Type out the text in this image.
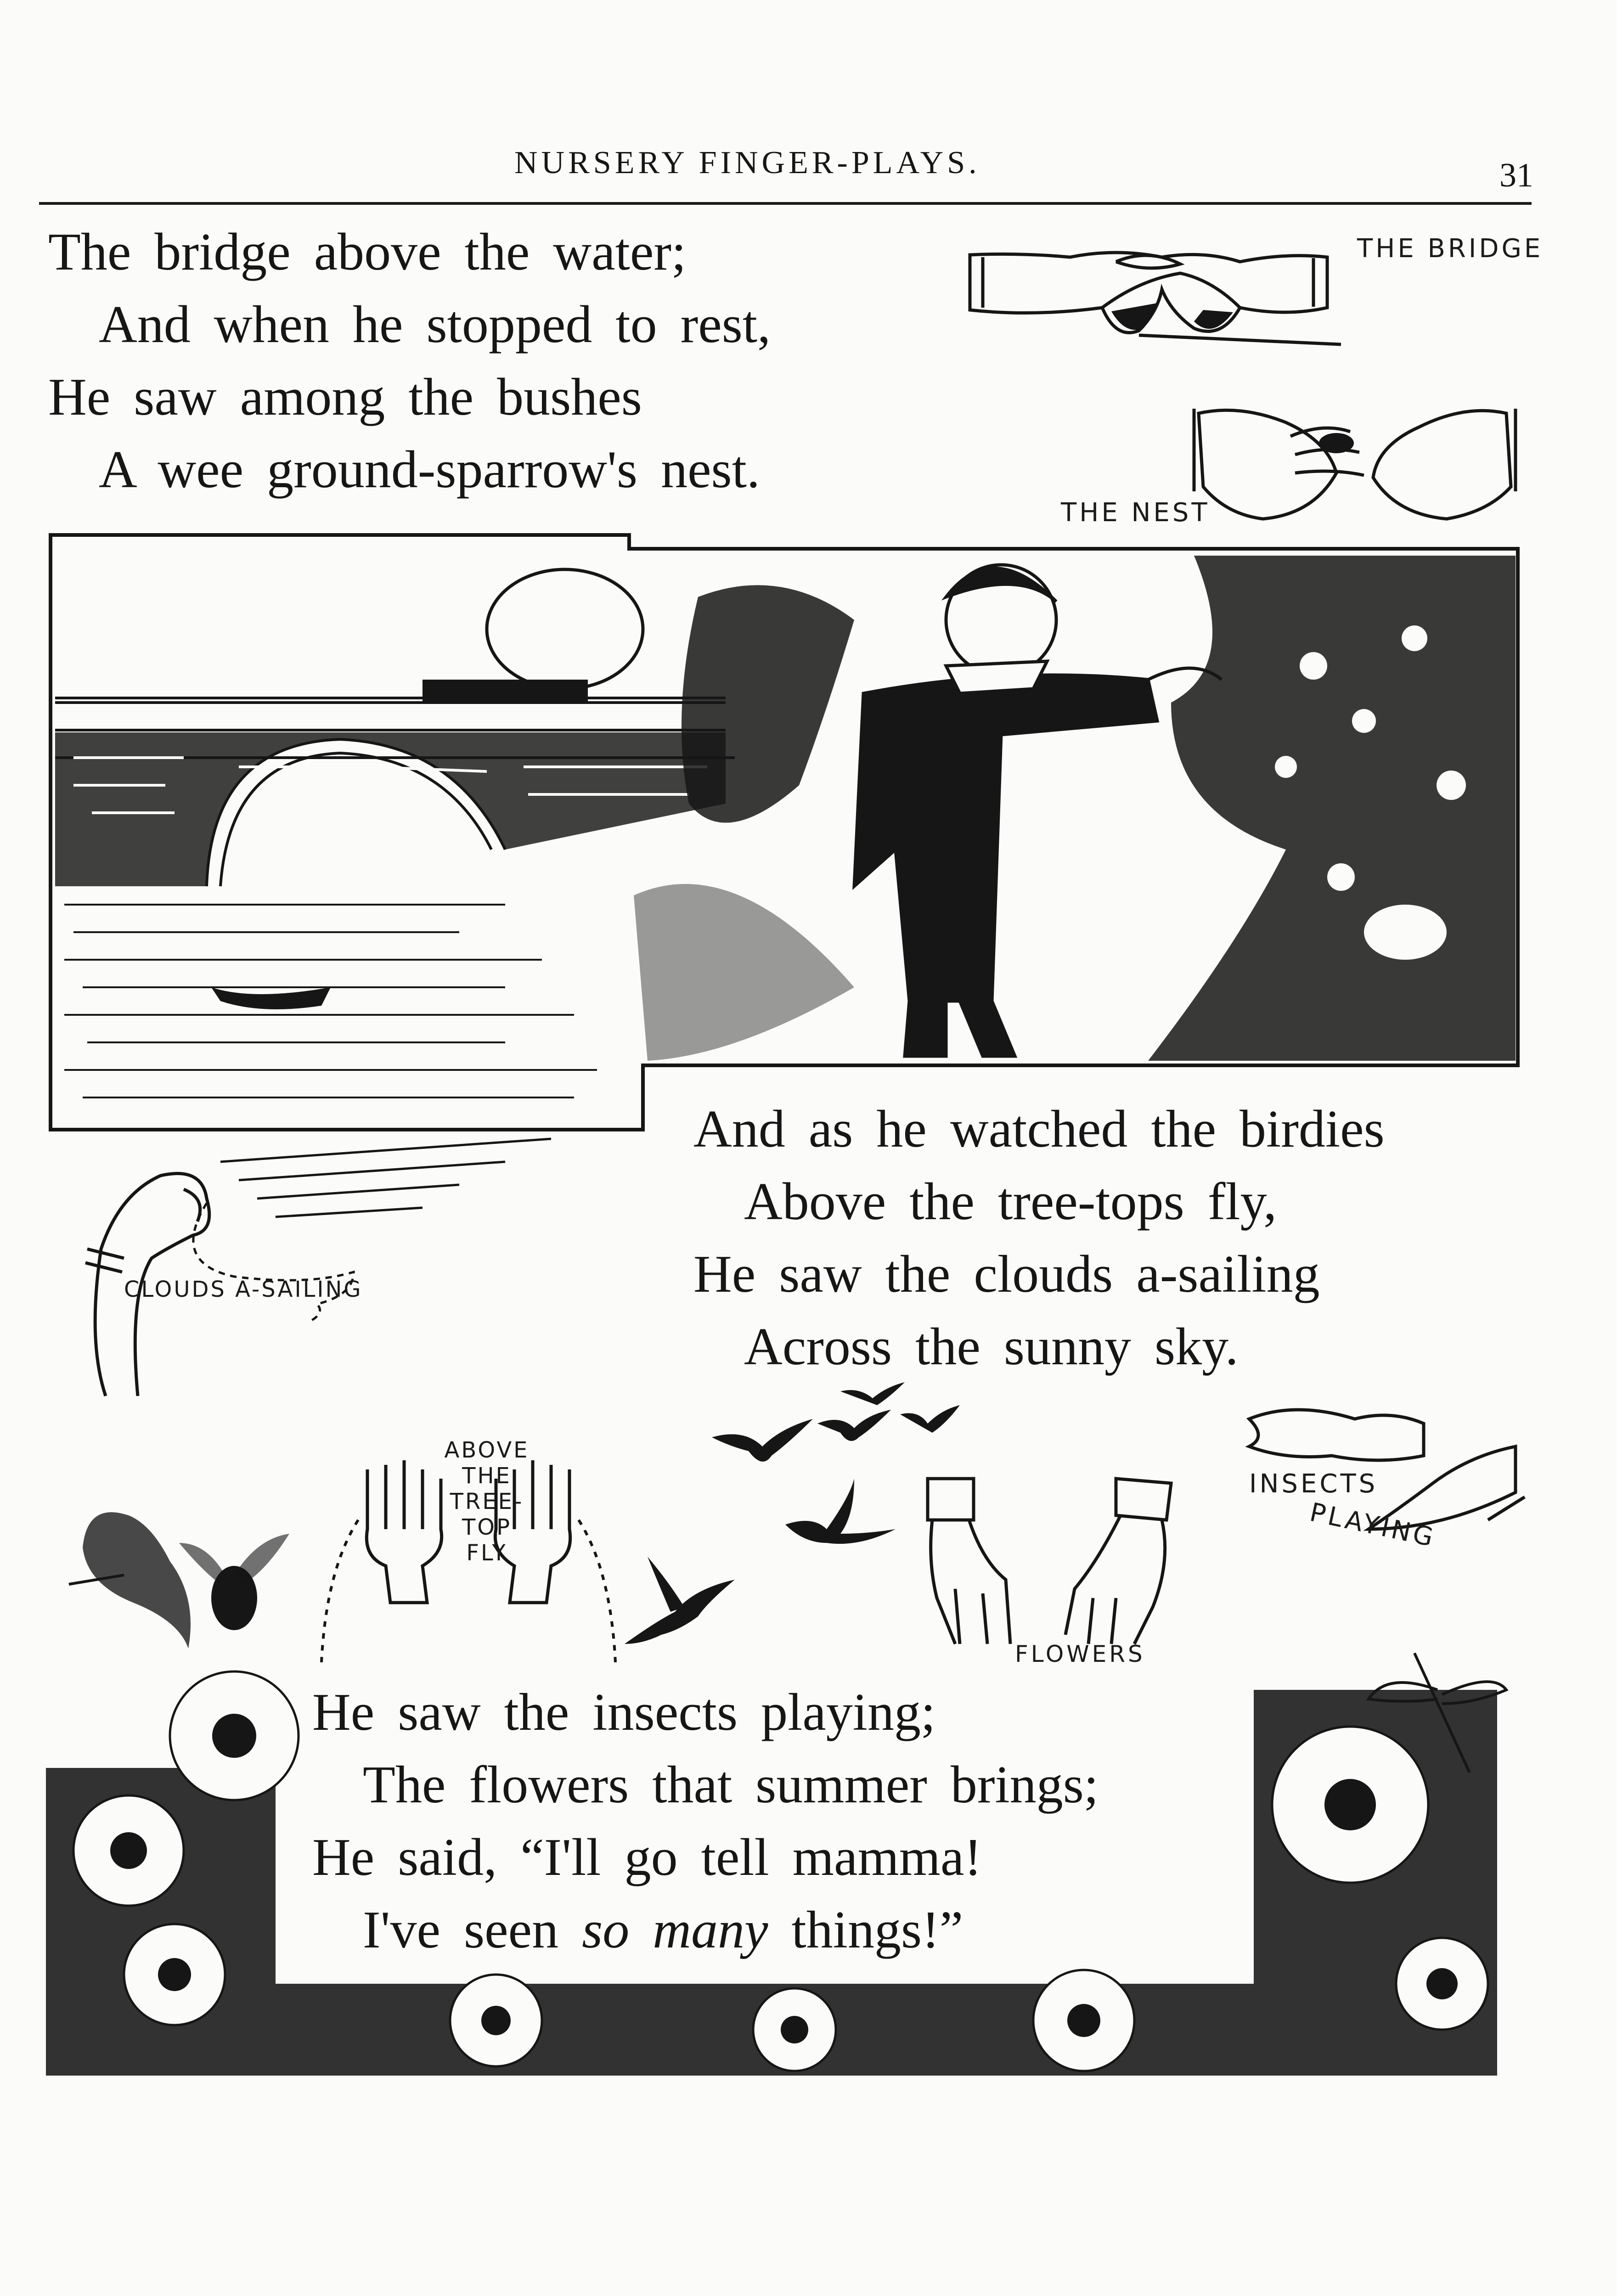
NURSERY FINGER-PLAYS.	31
The bridge above the water;
And when he stopped to rest,
He saw among the bushes
A wee ground-sparrow's nest.
THE BRIDGE
THE NEST
And as he watched the birdies
Above the tree-tops fly,
He saw the clouds a-sailing
Across the sunny sky.
CLOUDS A-SAILING
ABOVE
THE
TREE-
TOP
FLY
FLOWERS
INSECTS
PLAYING
He saw the insects playing;
The flowers that summer brings;
He said, “I'll go tell mamma!
I've seen so many things!”
